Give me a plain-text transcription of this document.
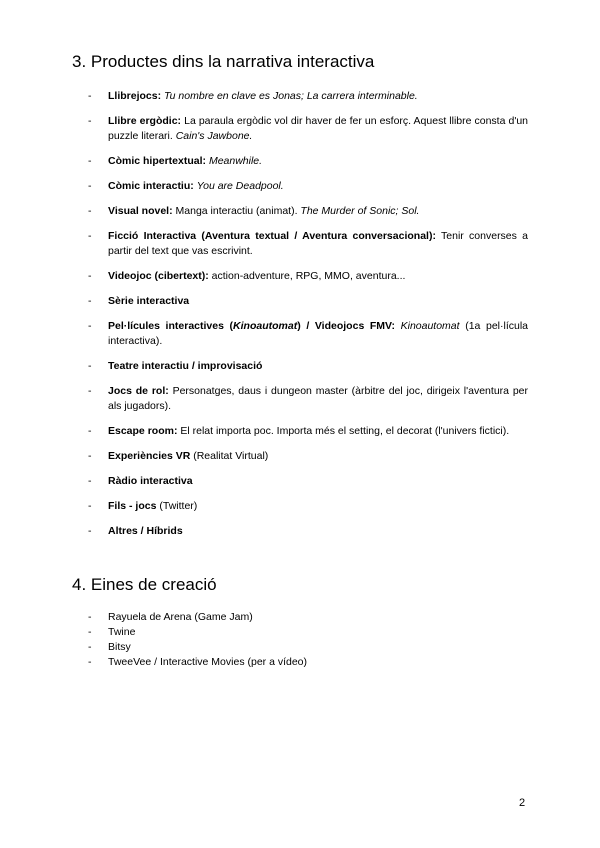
3. Productes dins la narrativa interactiva
- Llibrejocs: Tu nombre en clave es Jonas; La carrera interminable.
- Llibre ergòdic: La paraula ergòdic vol dir haver de fer un esforç. Aquest llibre consta d'un puzzle literari. Cain's Jawbone.
- Còmic hipertextual: Meanwhile.
- Còmic interactiu: You are Deadpool.
- Visual novel: Manga interactiu (animat). The Murder of Sonic; Sol.
- Ficció Interactiva (Aventura textual / Aventura conversacional): Tenir converses a partir del text que vas escrivint.
- Videojoc (cibertext): action-adventure, RPG, MMO, aventura...
- Sèrie interactiva
- Pel·lícules interactives (Kinoautomat) / Videojocs FMV: Kinoautomat (1a pel·lícula interactiva).
- Teatre interactiu / improvisació
- Jocs de rol: Personatges, daus i dungeon master (àrbitre del joc, dirigeix l'aventura per als jugadors).
- Escape room: El relat importa poc. Importa més el setting, el decorat (l'univers fictici).
- Experiències VR (Realitat Virtual)
- Ràdio interactiva
- Fils - jocs (Twitter)
- Altres / Híbrids
4. Eines de creació
- Rayuela de Arena (Game Jam)
- Twine
- Bitsy
- TweeVee / Interactive Movies (per a vídeo)
2
